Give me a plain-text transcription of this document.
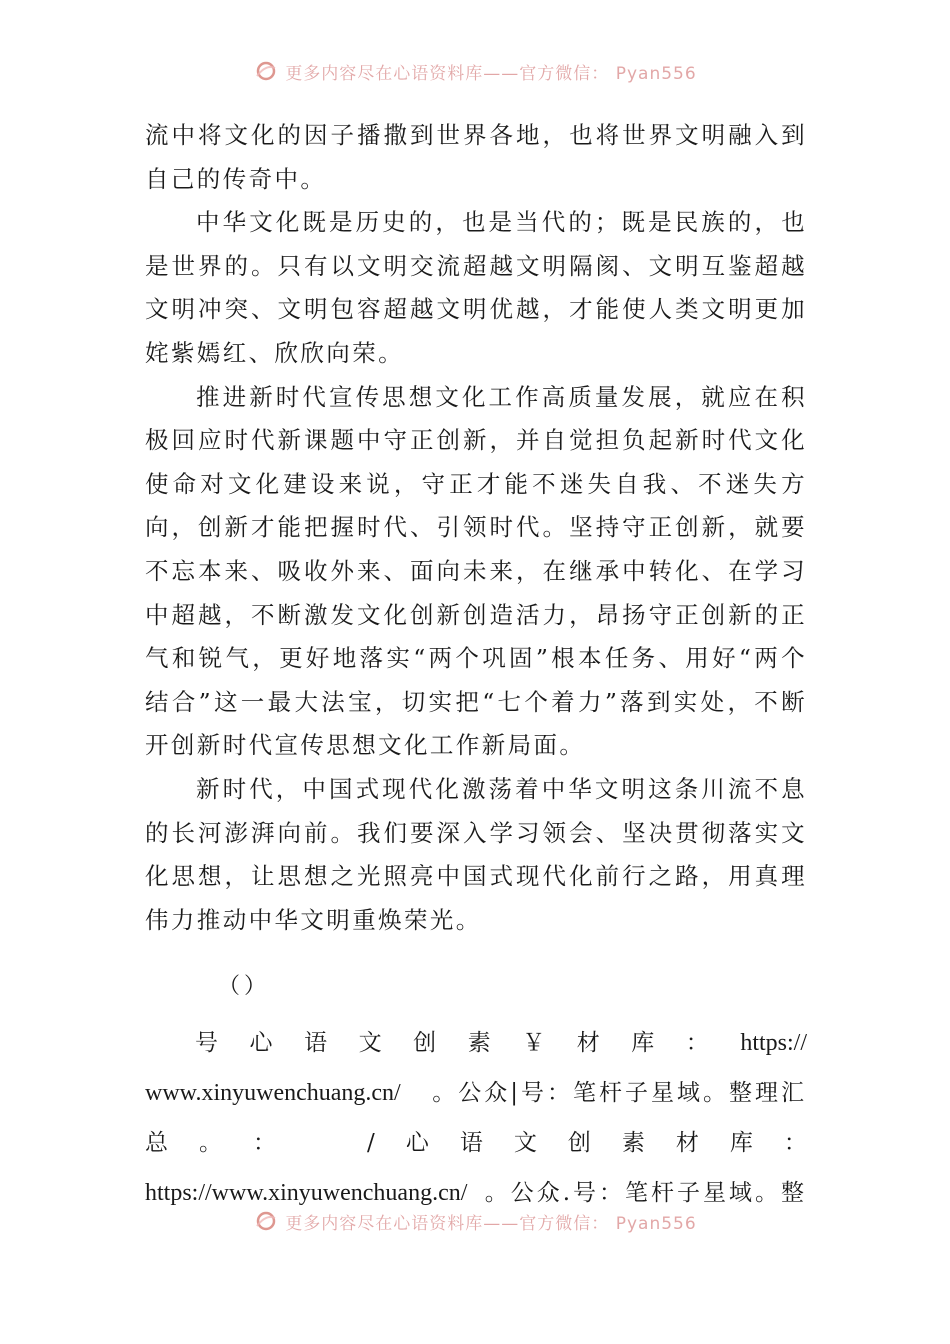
更多内容尽在心语资料库——官方微信： Pyan556

流中将文化的因子播撒到世界各地，也将世界文明融入到自己的传奇中。

中华文化既是历史的，也是当代的；既是民族的，也是世界的。只有以文明交流超越文明隔阂、文明互鉴超越文明冲突、文明包容超越文明优越，才能使人类文明更加姹紫嫣红、欣欣向荣。

推进新时代宣传思想文化工作高质量发展，就应在积极回应时代新课题中守正创新，并自觉担负起新时代文化使命对文化建设来说，守正才能不迷失自我、不迷失方向，创新才能把握时代、引领时代。坚持守正创新，就要不忘本来、吸收外来、面向未来，在继承中转化、在学习中超越，不断激发文化创新创造活力，昂扬守正创新的正气和锐气，更好地落实“两个巩固”根本任务、用好“两个结合”这一最大法宝，切实把“七个着力”落到实处，不断开创新时代宣传思想文化工作新局面。

新时代，中国式现代化激荡着中华文明这条川流不息的长河澎湃向前。我们要深入学习领会、坚决贯彻落实文化思想，让思想之光照亮中国式现代化前行之路，用真理伟力推动中华文明重焕荣光。

（）
号 心 语 文 创 素 ￥ 材 库 ： https://
www.xinyuwenchuang.cn/ 。公众|号：笔杆子星域。整理汇
总 。 ：	/ 心 语 文 创 素 材 库 ：
https://www.xinyuwenchuang.cn/ 。公众.号：笔杆子星域。整
更多内容尽在心语资料库——官方微信： Pyan556
